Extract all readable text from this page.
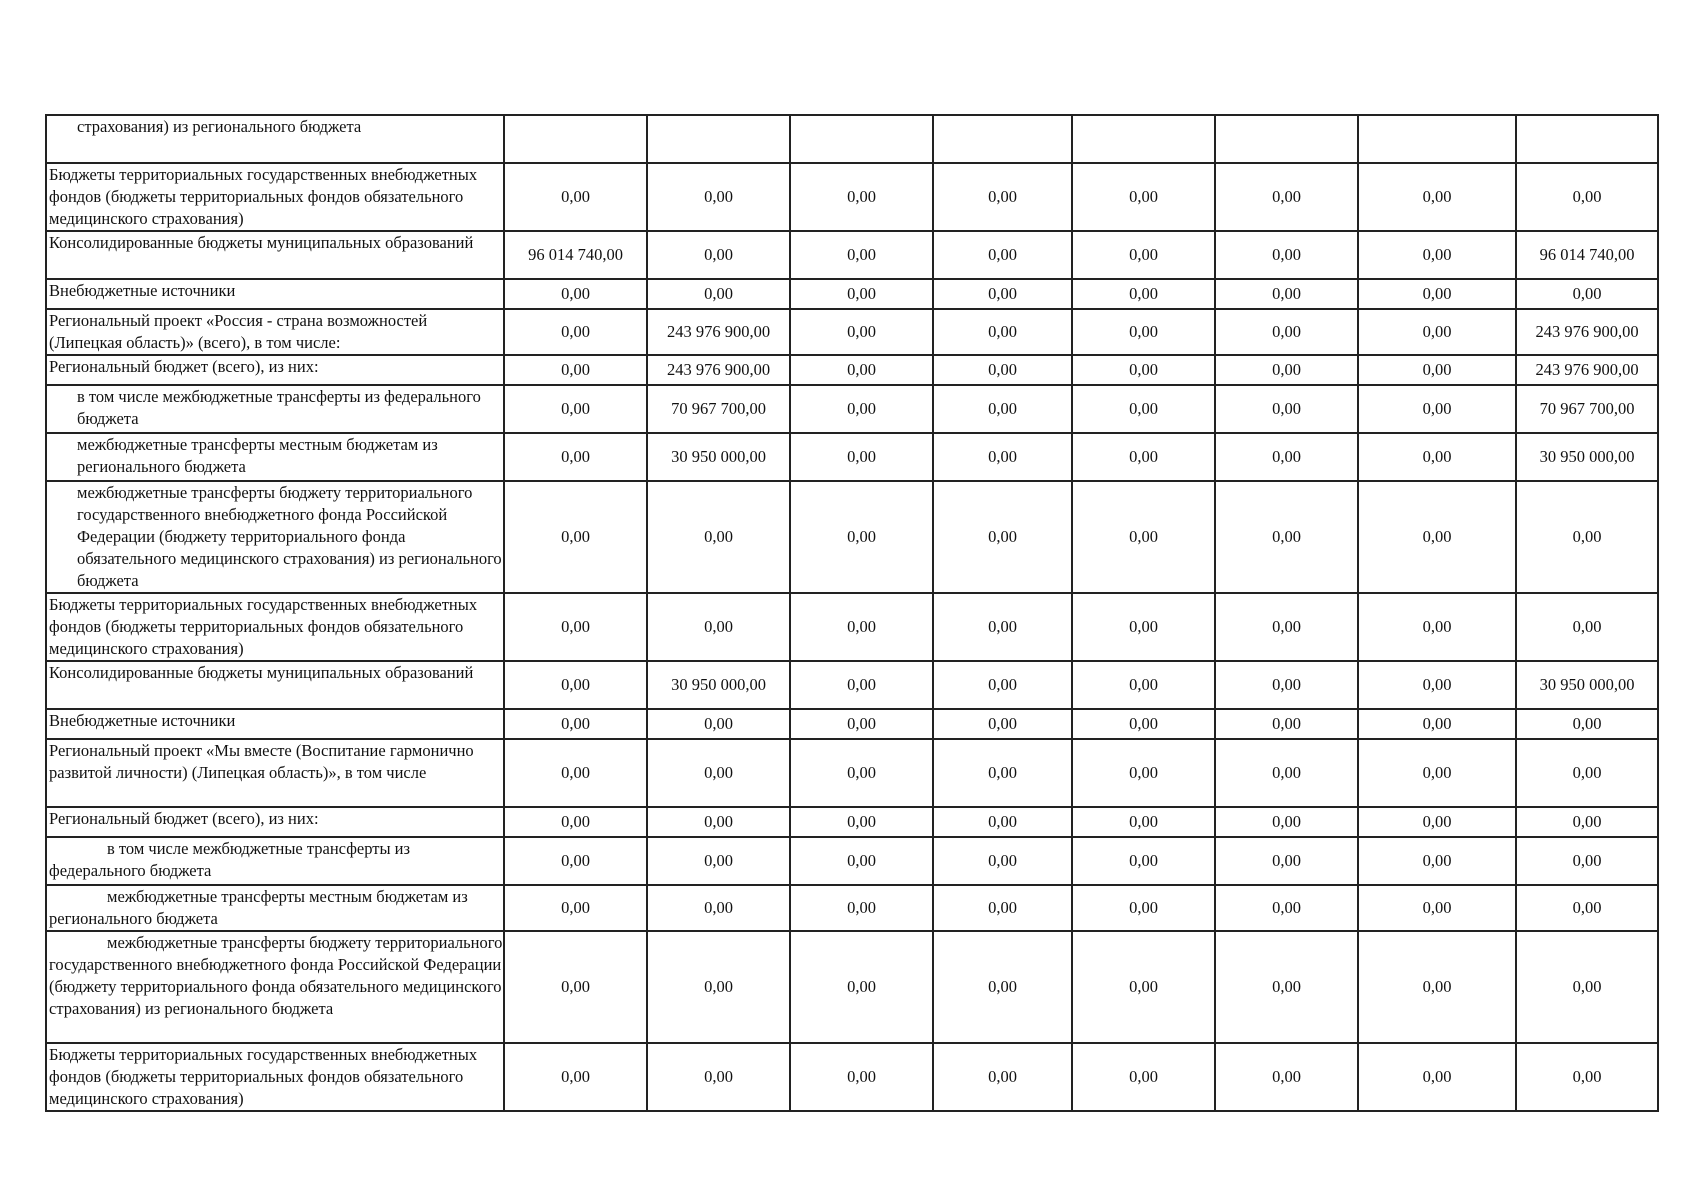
страхования) из регионального бюджета								
Бюджеты территориальных государственных внебюджетных фондов (бюджеты территориальных фондов обязательного медицинского страхования)	0,00	0,00	0,00	0,00	0,00	0,00	0,00	0,00
Консолидированные бюджеты муниципальных образований	96 014 740,00	0,00	0,00	0,00	0,00	0,00	0,00	96 014 740,00
Внебюджетные источники	0,00	0,00	0,00	0,00	0,00	0,00	0,00	0,00
Региональный проект «Россия - страна возможностей (Липецкая область)» (всего), в том числе:	0,00	243 976 900,00	0,00	0,00	0,00	0,00	0,00	243 976 900,00
Региональный бюджет (всего), из них:	0,00	243 976 900,00	0,00	0,00	0,00	0,00	0,00	243 976 900,00
в том числе межбюджетные трансферты из федерального бюджета	0,00	70 967 700,00	0,00	0,00	0,00	0,00	0,00	70 967 700,00
межбюджетные трансферты местным бюджетам из регионального бюджета	0,00	30 950 000,00	0,00	0,00	0,00	0,00	0,00	30 950 000,00
межбюджетные трансферты бюджету территориального государственного внебюджетного фонда Российской Федерации (бюджету территориального фонда обязательного медицинского страхования) из регионального бюджета	0,00	0,00	0,00	0,00	0,00	0,00	0,00	0,00
Бюджеты территориальных государственных внебюджетных фондов (бюджеты территориальных фондов обязательного медицинского страхования)	0,00	0,00	0,00	0,00	0,00	0,00	0,00	0,00
Консолидированные бюджеты муниципальных образований	0,00	30 950 000,00	0,00	0,00	0,00	0,00	0,00	30 950 000,00
Внебюджетные источники	0,00	0,00	0,00	0,00	0,00	0,00	0,00	0,00
Региональный проект «Мы вместе (Воспитание гармонично развитой личности) (Липецкая область)», в том числе	0,00	0,00	0,00	0,00	0,00	0,00	0,00	0,00
Региональный бюджет (всего), из них:	0,00	0,00	0,00	0,00	0,00	0,00	0,00	0,00
в том числе межбюджетные трансферты из федерального бюджета	0,00	0,00	0,00	0,00	0,00	0,00	0,00	0,00
межбюджетные трансферты местным бюджетам из регионального бюджета	0,00	0,00	0,00	0,00	0,00	0,00	0,00	0,00
межбюджетные трансферты бюджету территориального государственного внебюджетного фонда Российской Федерации (бюджету территориального фонда обязательного медицинского страхования) из регионального бюджета	0,00	0,00	0,00	0,00	0,00	0,00	0,00	0,00
Бюджеты территориальных государственных внебюджетных фондов (бюджеты территориальных фондов обязательного медицинского страхования)	0,00	0,00	0,00	0,00	0,00	0,00	0,00	0,00
